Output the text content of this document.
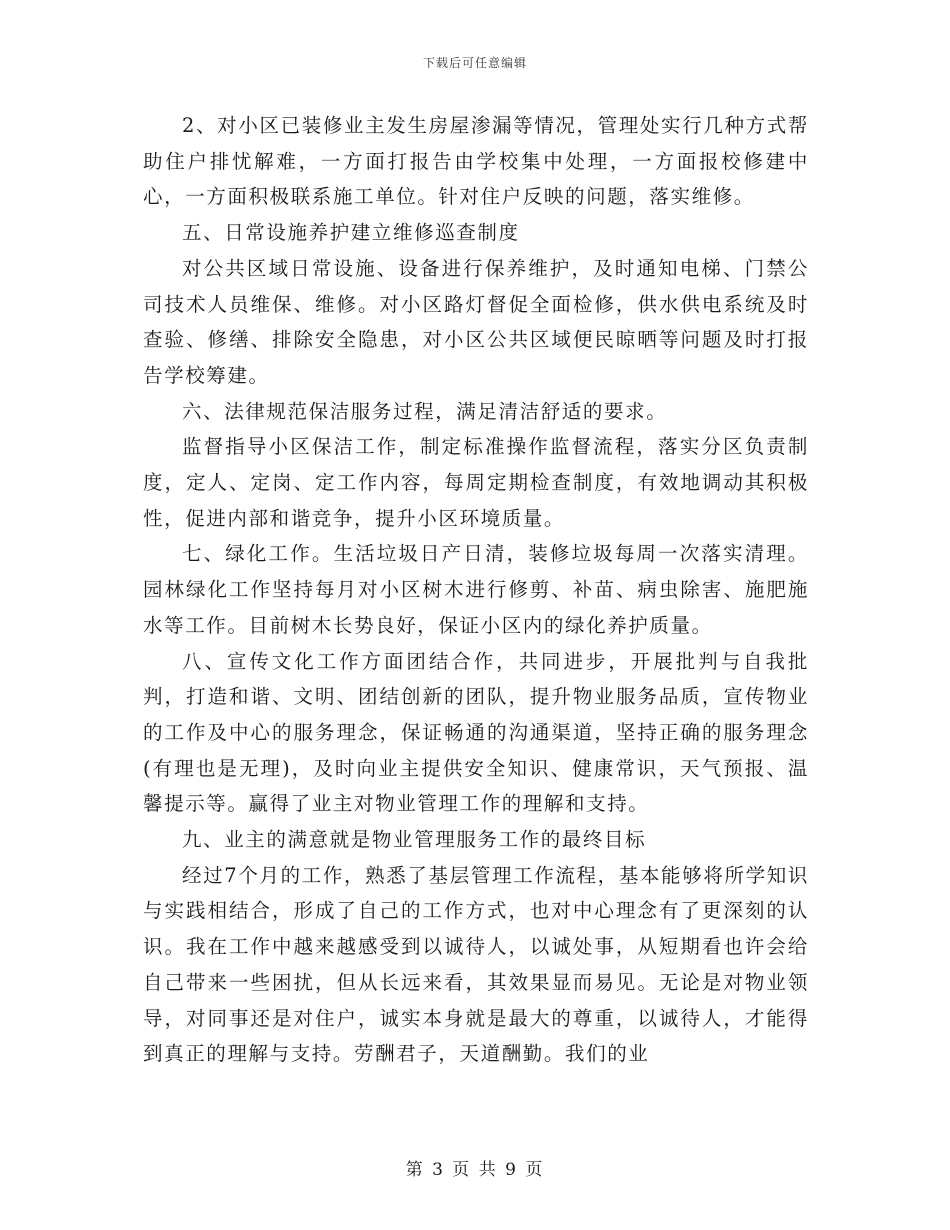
下载后可任意编辑

2、对小区已装修业主发生房屋渗漏等情况，管理处实行几种方式帮助住户排忧解难，一方面打报告由学校集中处理，一方面报校修建中心，一方面积极联系施工单位。针对住户反映的问题，落实维修。

五、日常设施养护建立维修巡查制度

对公共区域日常设施、设备进行保养维护，及时通知电梯、门禁公司技术人员维保、维修。对小区路灯督促全面检修，供水供电系统及时查验、修缮、排除安全隐患，对小区公共区域便民晾晒等问题及时打报告学校筹建。

六、法律规范保洁服务过程，满足清洁舒适的要求。

监督指导小区保洁工作，制定标准操作监督流程，落实分区负责制度，定人、定岗、定工作内容，每周定期检查制度，有效地调动其积极性，促进内部和谐竞争，提升小区环境质量。

七、绿化工作。生活垃圾日产日清，装修垃圾每周一次落实清理。园林绿化工作坚持每月对小区树木进行修剪、补苗、病虫除害、施肥施水等工作。目前树木长势良好，保证小区内的绿化养护质量。

八、宣传文化工作方面团结合作，共同进步，开展批判与自我批判，打造和谐、文明、团结创新的团队，提升物业服务品质，宣传物业的工作及中心的服务理念，保证畅通的沟通渠道，坚持正确的服务理念(有理也是无理)，及时向业主提供安全知识、健康常识，天气预报、温馨提示等。赢得了业主对物业管理工作的理解和支持。

九、业主的满意就是物业管理服务工作的最终目标

经过7个月的工作，熟悉了基层管理工作流程，基本能够将所学知识与实践相结合，形成了自己的工作方式，也对中心理念有了更深刻的认识。我在工作中越来越感受到以诚待人，以诚处事，从短期看也许会给自己带来一些困扰，但从长远来看，其效果显而易见。无论是对物业领导，对同事还是对住户，诚实本身就是最大的尊重，以诚待人，才能得到真正的理解与支持。劳酬君子，天道酬勤。我们的业

第 3 页 共 9 页
